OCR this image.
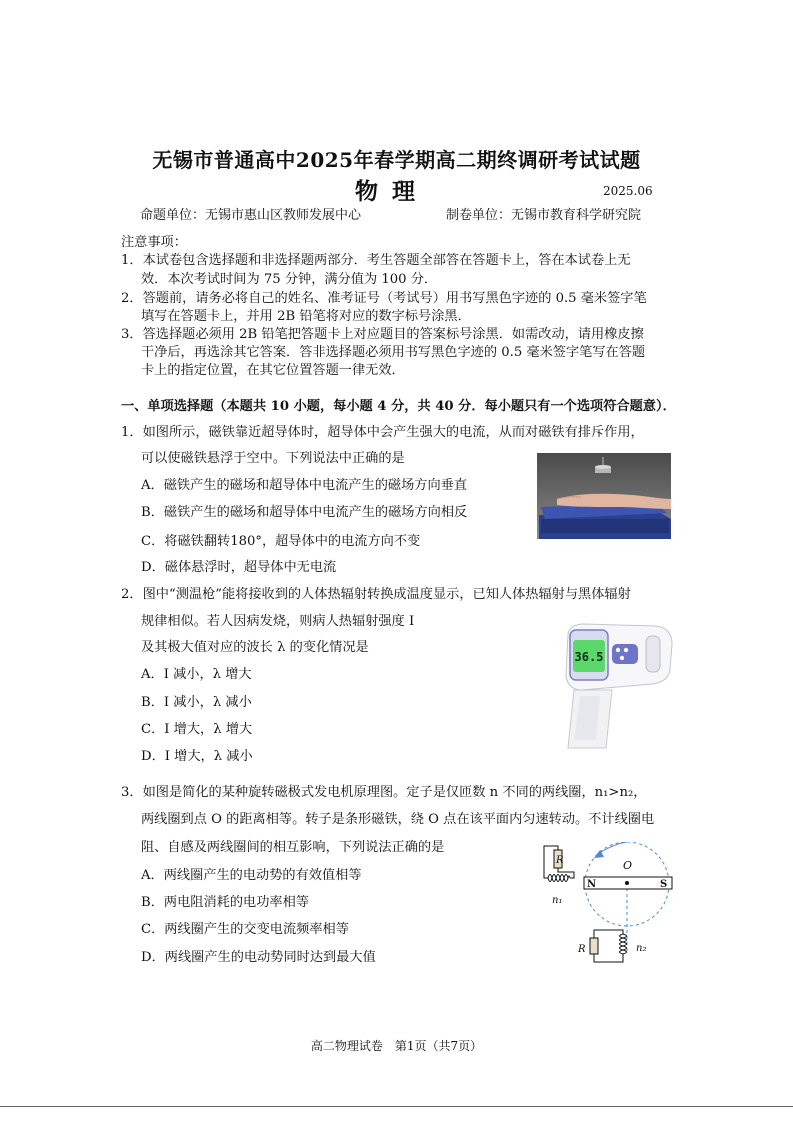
无锡市普通高中2025年春学期高二期终调研考试试题
物理	2025.06
命题单位：无锡市惠山区教师发展中心	制卷单位：无锡市教育科学研究院
注意事项：
1．本试卷包含选择题和非选择题两部分．考生答题全部答在答题卡上，答在本试卷上无
效．本次考试时间为 75 分钟，满分值为 100 分．
2．答题前，请务必将自己的姓名、准考证号（考试号）用书写黑色字迹的 0.5 毫米签字笔
填写在答题卡上，并用 2B 铅笔将对应的数字标号涂黑．
3．答选择题必须用 2B 铅笔把答题卡上对应题目的答案标号涂黑．如需改动，请用橡皮擦
干净后，再选涂其它答案．答非选择题必须用书写黑色字迹的 0.5 毫米签字笔写在答题
卡上的指定位置，在其它位置答题一律无效．
一、单项选择题（本题共 10 小题，每小题 4 分，共 40 分．每小题只有一个选项符合题意）．
1．如图所示，磁铁靠近超导体时，超导体中会产生强大的电流，从而对磁铁有排斥作用，
可以使磁铁悬浮于空中。下列说法中正确的是
A．磁铁产生的磁场和超导体中电流产生的磁场方向垂直
B．磁铁产生的磁场和超导体中电流产生的磁场方向相反
C．将磁铁翻转180°，超导体中的电流方向不变
D．磁体悬浮时，超导体中无电流
2．图中“测温枪”能将接收到的人体热辐射转换成温度显示，已知人体热辐射与黑体辐射
规律相似。若人因病发烧，则病人热辐射强度 I
及其极大值对应的波长 λ 的变化情况是
A．I 减小，λ 增大
B．I 减小，λ 减小
C．I 增大，λ 增大
D．I 增大，λ 减小
36.5
3．如图是简化的某种旋转磁极式发电机原理图。定子是仅匝数 n 不同的两线圈，n₁>n₂，
两线圈到点 O 的距离相等。转子是条形磁铁，绕 O 点在该平面内匀速转动。不计线圈电
阻、自感及两线圈间的相互影响，下列说法正确的是
A．两线圈产生的电动势的有效值相等
B．两电阻消耗的电功率相等
C．两线圈产生的交变电流频率相等
D．两线圈产生的电动势同时达到最大值
O
N	S
R
n₁
R	n₂
高二物理试卷　第1页（共7页）
